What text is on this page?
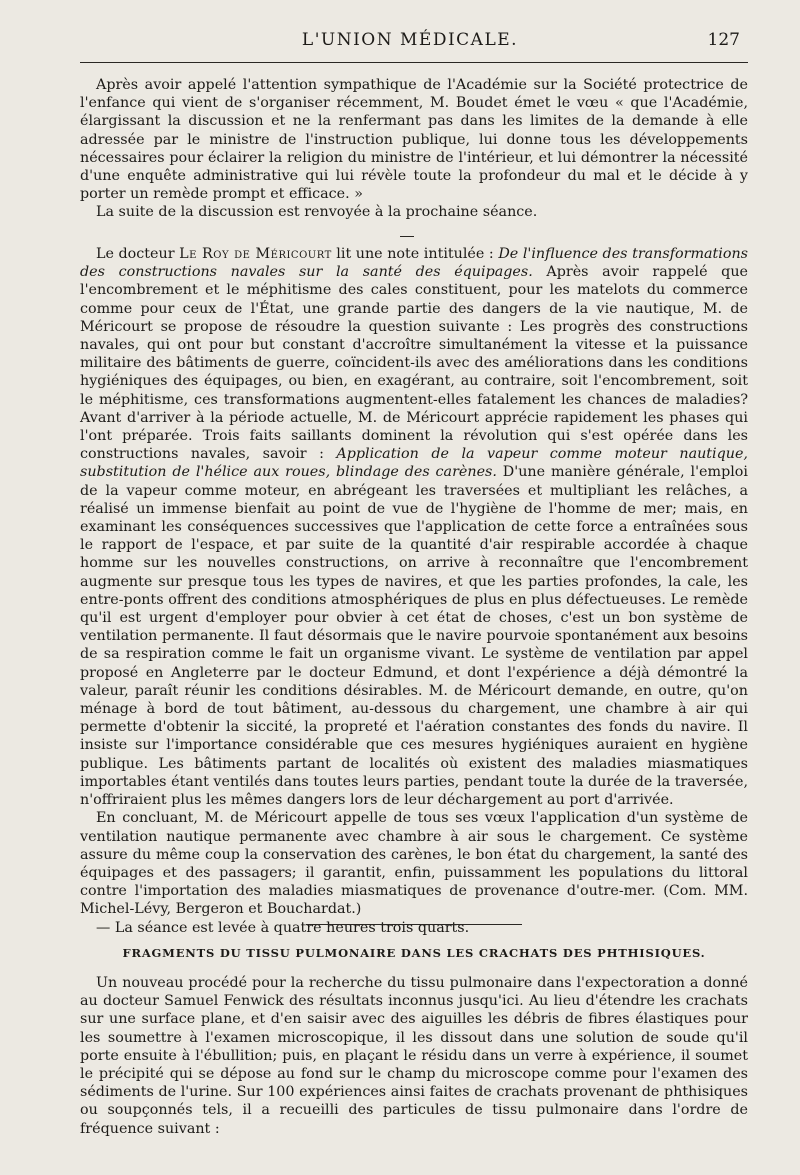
L'UNION MÉDICALE.	127

Après avoir appelé l'attention sympathique de l'Académie sur la Société protectrice de l'enfance qui vient de s'organiser récemment, M. Boudet émet le vœu « que l'Académie, élargissant la discussion et ne la renfermant pas dans les limites de la demande à elle adressée par le ministre de l'instruction publique, lui donne tous les développements nécessaires pour éclairer la religion du ministre de l'intérieur, et lui démontrer la nécessité d'une enquête administrative qui lui révèle toute la profondeur du mal et le décide à y porter un remède prompt et efficace. »

La suite de la discussion est renvoyée à la prochaine séance.

Le docteur Le Roy de Méricourt lit une note intitulée : De l'influence des transformations des constructions navales sur la santé des équipages. Après avoir rappelé que l'encombrement et le méphitisme des cales constituent, pour les matelots du commerce comme pour ceux de l'État, une grande partie des dangers de la vie nautique, M. de Méricourt se propose de résoudre la question suivante : Les progrès des constructions navales, qui ont pour but constant d'accroître simultanément la vitesse et la puissance militaire des bâtiments de guerre, coïncident-ils avec des améliorations dans les conditions hygiéniques des équipages, ou bien, en exagérant, au contraire, soit l'encombrement, soit le méphitisme, ces transformations augmentent-elles fatalement les chances de maladies? Avant d'arriver à la période actuelle, M. de Méricourt apprécie rapidement les phases qui l'ont préparée. Trois faits saillants dominent la révolution qui s'est opérée dans les constructions navales, savoir : Application de la vapeur comme moteur nautique, substitution de l'hélice aux roues, blindage des carènes. D'une manière générale, l'emploi de la vapeur comme moteur, en abrégeant les traversées et multipliant les relâches, a réalisé un immense bienfait au point de vue de l'hygiène de l'homme de mer; mais, en examinant les conséquences successives que l'application de cette force a entraînées sous le rapport de l'espace, et par suite de la quantité d'air respirable accordée à chaque homme sur les nouvelles constructions, on arrive à reconnaître que l'encombrement augmente sur presque tous les types de navires, et que les parties profondes, la cale, les entre-ponts offrent des conditions atmosphériques de plus en plus défectueuses. Le remède qu'il est urgent d'employer pour obvier à cet état de choses, c'est un bon système de ventilation permanente. Il faut désormais que le navire pourvoie spontanément aux besoins de sa respiration comme le fait un organisme vivant. Le système de ventilation par appel proposé en Angleterre par le docteur Edmund, et dont l'expérience a déjà démontré la valeur, paraît réunir les conditions désirables. M. de Méricourt demande, en outre, qu'on ménage à bord de tout bâtiment, au-dessous du chargement, une chambre à air qui permette d'obtenir la siccité, la propreté et l'aération constantes des fonds du navire. Il insiste sur l'importance considérable que ces mesures hygiéniques auraient en hygiène publique. Les bâtiments partant de localités où existent des maladies miasmatiques importables étant ventilés dans toutes leurs parties, pendant toute la durée de la traversée, n'offriraient plus les mêmes dangers lors de leur déchargement au port d'arrivée.

En concluant, M. de Méricourt appelle de tous ses vœux l'application d'un système de ventilation nautique permanente avec chambre à air sous le chargement. Ce système assure du même coup la conservation des carènes, le bon état du chargement, la santé des équipages et des passagers; il garantit, enfin, puissamment les populations du littoral contre l'importation des maladies miasmatiques de provenance d'outre-mer. (Com. MM. Michel-Lévy, Bergeron et Bouchardat.)

— La séance est levée à quatre heures trois quarts.

FRAGMENTS DU TISSU PULMONAIRE DANS LES CRACHATS DES PHTHISIQUES.

Un nouveau procédé pour la recherche du tissu pulmonaire dans l'expectoration a donné au docteur Samuel Fenwick des résultats inconnus jusqu'ici. Au lieu d'étendre les crachats sur une surface plane, et d'en saisir avec des aiguilles les débris de fibres élastiques pour les soumettre à l'examen microscopique, il les dissout dans une solution de soude qu'il porte ensuite à l'ébullition; puis, en plaçant le résidu dans un verre à expérience, il soumet le précipité qui se dépose au fond sur le champ du microscope comme pour l'examen des sédiments de l'urine. Sur 100 expériences ainsi faites de crachats provenant de phthisiques ou soupçonnés tels, il a recueilli des particules de tissu pulmonaire dans l'ordre de fréquence suivant :
